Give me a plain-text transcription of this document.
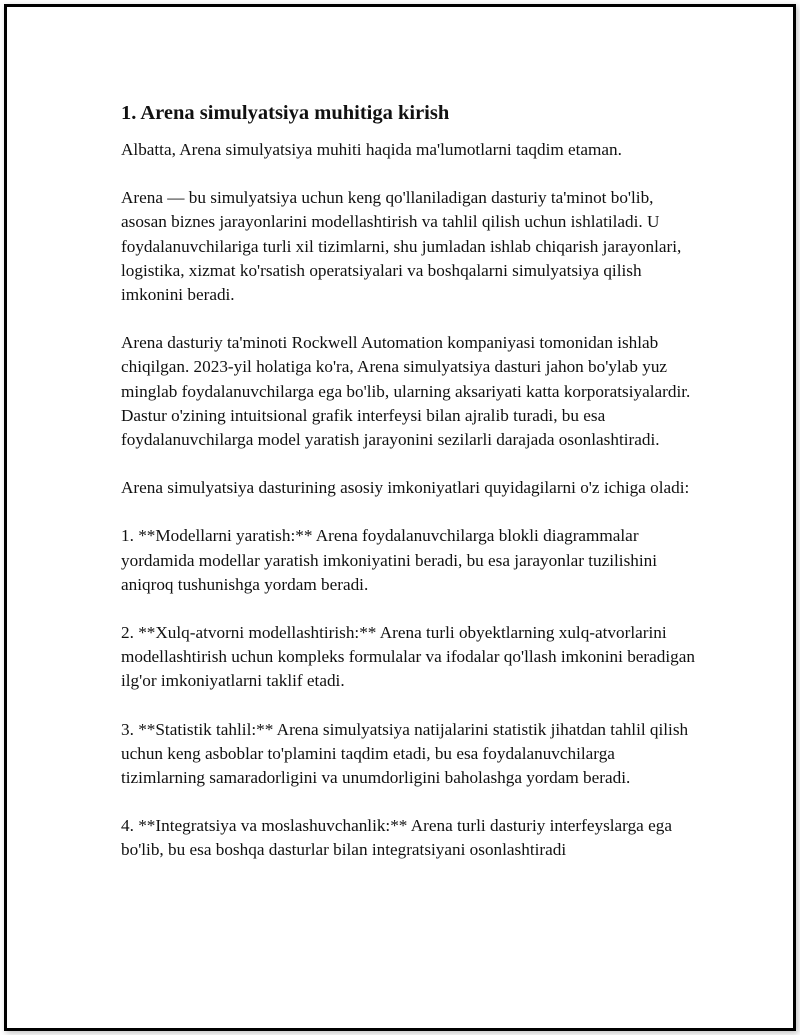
1. Arena simulyatsiya muhitiga kirish

Albatta, Arena simulyatsiya muhiti haqida ma'lumotlarni taqdim etaman.

Arena — bu simulyatsiya uchun keng qo'llaniladigan dasturiy ta'minot bo'lib, asosan biznes jarayonlarini modellashtirish va tahlil qilish uchun ishlatiladi. U foydalanuvchilariga turli xil tizimlarni, shu jumladan ishlab chiqarish jarayonlari, logistika, xizmat ko'rsatish operatsiyalari va boshqalarni simulyatsiya qilish imkonini beradi.

Arena dasturiy ta'minoti Rockwell Automation kompaniyasi tomonidan ishlab chiqilgan. 2023-yil holatiga ko'ra, Arena simulyatsiya dasturi jahon bo'ylab yuz minglab foydalanuvchilarga ega bo'lib, ularning aksariyati katta korporatsiyalardir. Dastur o'zining intuitsional grafik interfeysi bilan ajralib turadi, bu esa foydalanuvchilarga model yaratish jarayonini sezilarli darajada osonlashtiradi.

Arena simulyatsiya dasturining asosiy imkoniyatlari quyidagilarni o'z ichiga oladi:

1. **Modellarni yaratish:** Arena foydalanuvchilarga blokli diagrammalar yordamida modellar yaratish imkoniyatini beradi, bu esa jarayonlar tuzilishini aniqroq tushunishga yordam beradi.

2. **Xulq-atvorni modellashtirish:** Arena turli obyektlarning xulq-atvorlarini modellashtirish uchun kompleks formulalar va ifodalar qo'llash imkonini beradigan ilg'or imkoniyatlarni taklif etadi.

3. **Statistik tahlil:** Arena simulyatsiya natijalarini statistik jihatdan tahlil qilish uchun keng asboblar to'plamini taqdim etadi, bu esa foydalanuvchilarga tizimlarning samaradorligini va unumdorligini baholashga yordam beradi.

4. **Integratsiya va moslashuvchanlik:** Arena turli dasturiy interfeyslarga ega bo'lib, bu esa boshqa dasturlar bilan integratsiyani osonlashtiradi
